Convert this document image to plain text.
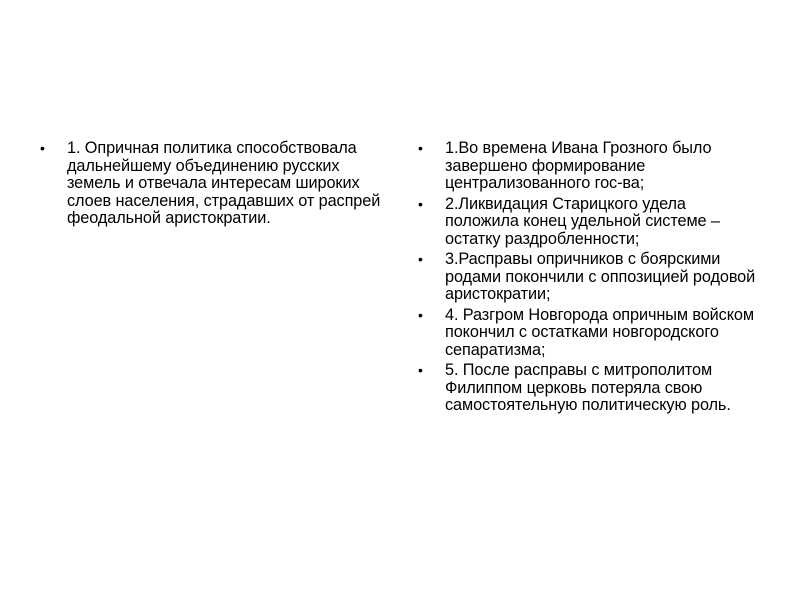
• 1. Опричная политика способствовала дальнейшему объединению русских земель и отвечала интересам широких слоев населения, страдавших от распрей феодальной аристократии.
• 1.Во времена Ивана Грозного было завершено формирование централизованного гос-ва;
• 2.Ликвидация Старицкого удела положила конец удельной системе – остатку раздробленности;
• 3.Расправы опричников с боярскими родами покончили с оппозицией родовой аристократии;
• 4. Разгром Новгорода опричным войском покончил с остатками новгородского сепаратизма;
• 5. После расправы с митрополитом Филиппом церковь потеряла свою самостоятельную политическую роль.
